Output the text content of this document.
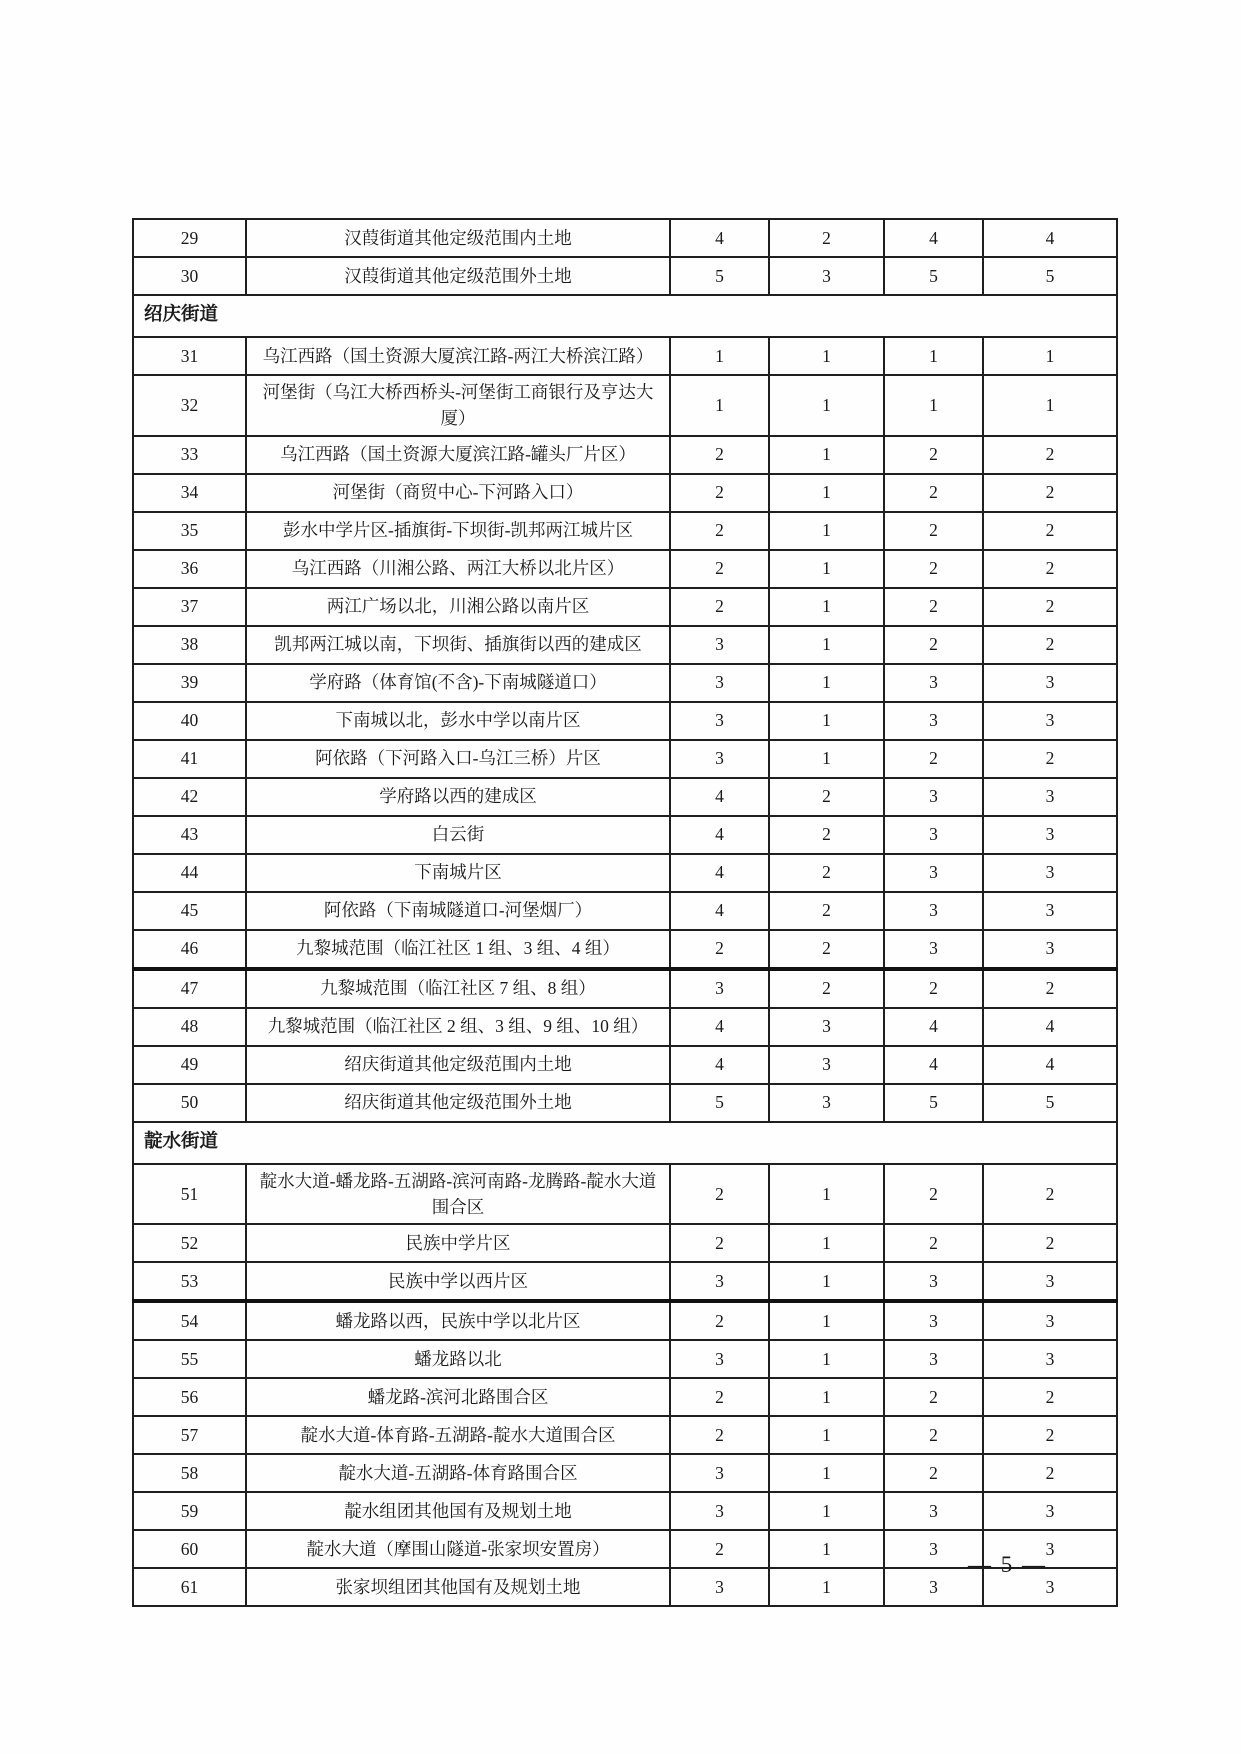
29	汉葭街道其他定级范围内土地	4	2	4	4
30	汉葭街道其他定级范围外土地	5	3	5	5
绍庆街道					
31	乌江西路（国土资源大厦滨江路-两江大桥滨江路）	1	1	1	1
32	河堡街（乌江大桥西桥头-河堡街工商银行及亨达大厦）	1	1	1	1
33	乌江西路（国土资源大厦滨江路-罐头厂片区）	2	1	2	2
34	河堡街（商贸中心-下河路入口）	2	1	2	2
35	彭水中学片区-插旗街-下坝街-凯邦两江城片区	2	1	2	2
36	乌江西路（川湘公路、两江大桥以北片区）	2	1	2	2
37	两江广场以北，川湘公路以南片区	2	1	2	2
38	凯邦两江城以南，下坝街、插旗街以西的建成区	3	1	2	2
39	学府路（体育馆(不含)-下南城隧道口）	3	1	3	3
40	下南城以北，彭水中学以南片区	3	1	3	3
41	阿依路（下河路入口-乌江三桥）片区	3	1	2	2
42	学府路以西的建成区	4	2	3	3
43	白云街	4	2	3	3
44	下南城片区	4	2	3	3
45	阿依路（下南城隧道口-河堡烟厂）	4	2	3	3
46	九黎城范围（临江社区 1 组、3 组、4 组）	2	2	3	3
47	九黎城范围（临江社区 7 组、8 组）	3	2	2	2
48	九黎城范围（临江社区 2 组、3 组、9 组、10 组）	4	3	4	4
49	绍庆街道其他定级范围内土地	4	3	4	4
50	绍庆街道其他定级范围外土地	5	3	5	5
靛水街道					
51	靛水大道-蟠龙路-五湖路-滨河南路-龙腾路-靛水大道围合区	2	1	2	2
52	民族中学片区	2	1	2	2
53	民族中学以西片区	3	1	3	3
54	蟠龙路以西，民族中学以北片区	2	1	3	3
55	蟠龙路以北	3	1	3	3
56	蟠龙路-滨河北路围合区	2	1	2	2
57	靛水大道-体育路-五湖路-靛水大道围合区	2	1	2	2
58	靛水大道-五湖路-体育路围合区	3	1	2	2
59	靛水组团其他国有及规划土地	3	1	3	3
60	靛水大道（摩围山隧道-张家坝安置房）	2	1	3	3
61	张家坝组团其他国有及规划土地	3	1	3	3
— 5 —
